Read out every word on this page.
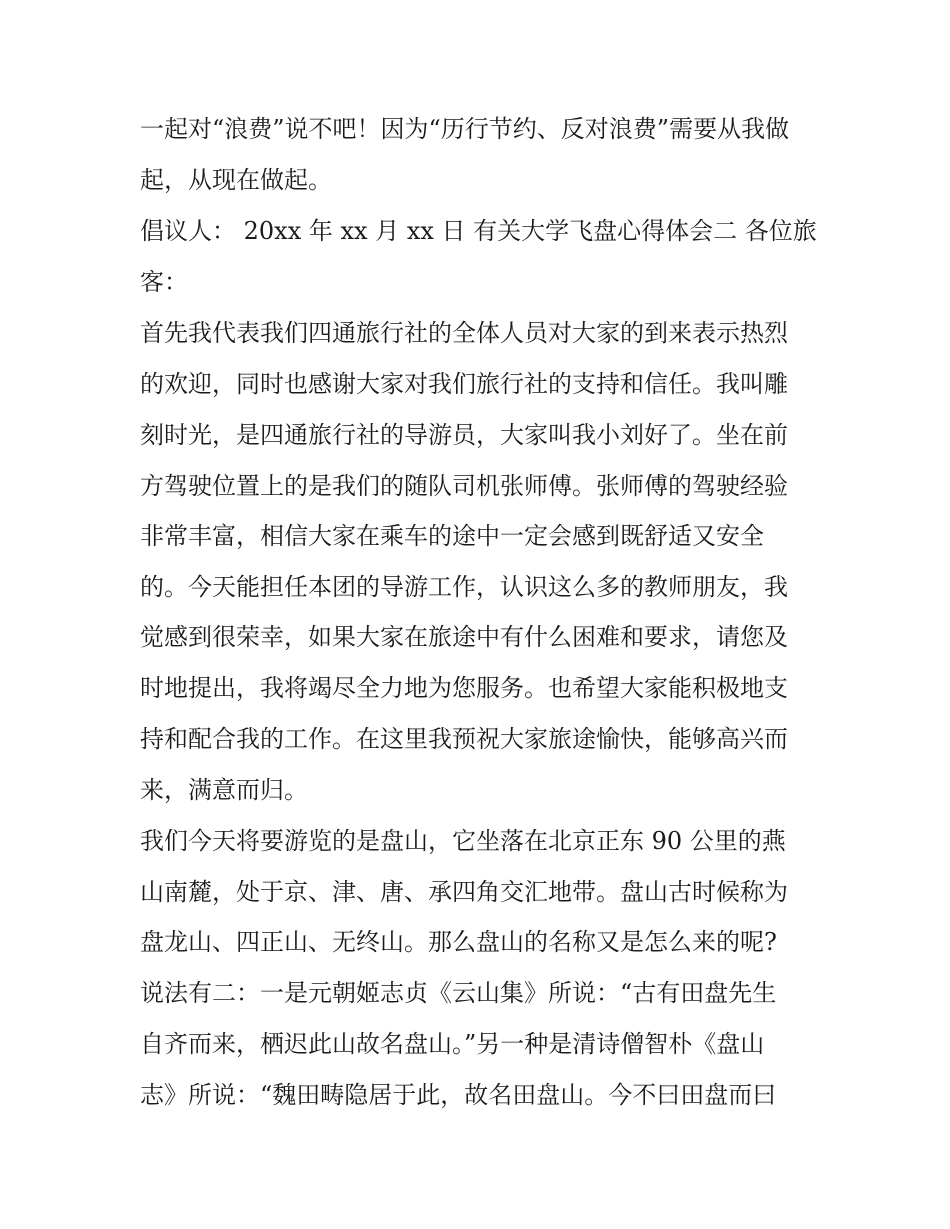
一起对“浪费”说不吧！因为“历行节约、反对浪费”需要从我做
起，从现在做起。
倡议人： 20xx 年 xx 月 xx 日 有关大学飞盘心得体会二 各位旅
客：
首先我代表我们四通旅行社的全体人员对大家的到来表示热烈
的欢迎，同时也感谢大家对我们旅行社的支持和信任。我叫雕
刻时光，是四通旅行社的导游员，大家叫我小刘好了。坐在前
方驾驶位置上的是我们的随队司机张师傅。张师傅的驾驶经验
非常丰富，相信大家在乘车的途中一定会感到既舒适又安全
的。今天能担任本团的导游工作，认识这么多的教师朋友，我
觉感到很荣幸，如果大家在旅途中有什么困难和要求，请您及
时地提出，我将竭尽全力地为您服务。也希望大家能积极地支
持和配合我的工作。在这里我预祝大家旅途愉快，能够高兴而
来，满意而归。
我们今天将要游览的是盘山，它坐落在北京正东 90 公里的燕
山南麓，处于京、津、唐、承四角交汇地带。盘山古时候称为
盘龙山、四正山、无终山。那么盘山的名称又是怎么来的呢?
说法有二：一是元朝姬志贞《云山集》所说：“古有田盘先生
自齐而来，栖迟此山故名盘山。”另一种是清诗僧智朴《盘山
志》所说：“魏田畴隐居于此，故名田盘山。今不曰田盘而曰
